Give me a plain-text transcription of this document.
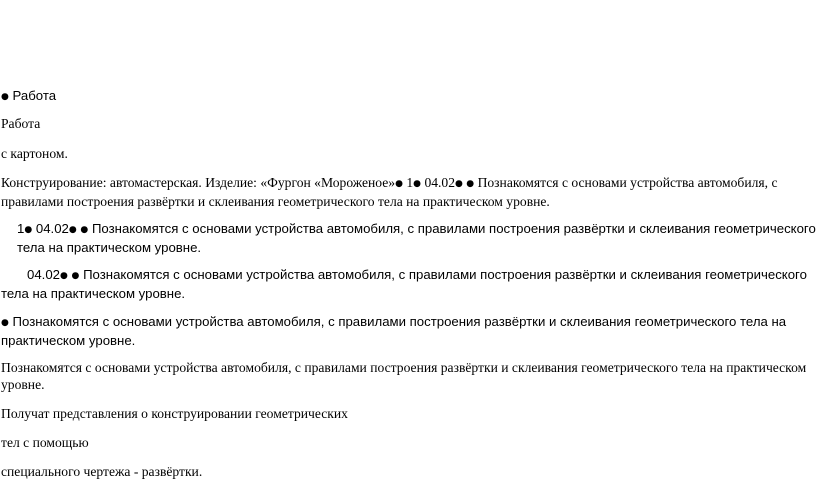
● Работа
Работа
с картоном.
Конструирование: автомастерская. Изделие: «Фургон «Мороженое»● 1● 04.02● ● Познакомятся с основами устройства автомобиля, с правилами построения развёртки и склеивания геометрического тела на практическом уровне.
1● 04.02● ● Познакомятся с основами устройства автомобиля, с правилами построения развёртки и склеивания геометрического тела на практическом уровне.
04.02● ● Познакомятся с основами устройства автомобиля, с правилами построения развёртки и склеивания геометрического тела на практическом уровне.
● Познакомятся с основами устройства автомобиля, с правилами построения развёртки и склеивания геометрического тела на практическом уровне.
Познакомятся с основами устройства автомобиля, с правилами построения развёртки и склеивания геометрического тела на практическом уровне.
Получат представления о конструировании геометрических
тел с помощью
специального чертежа - развёртки.
